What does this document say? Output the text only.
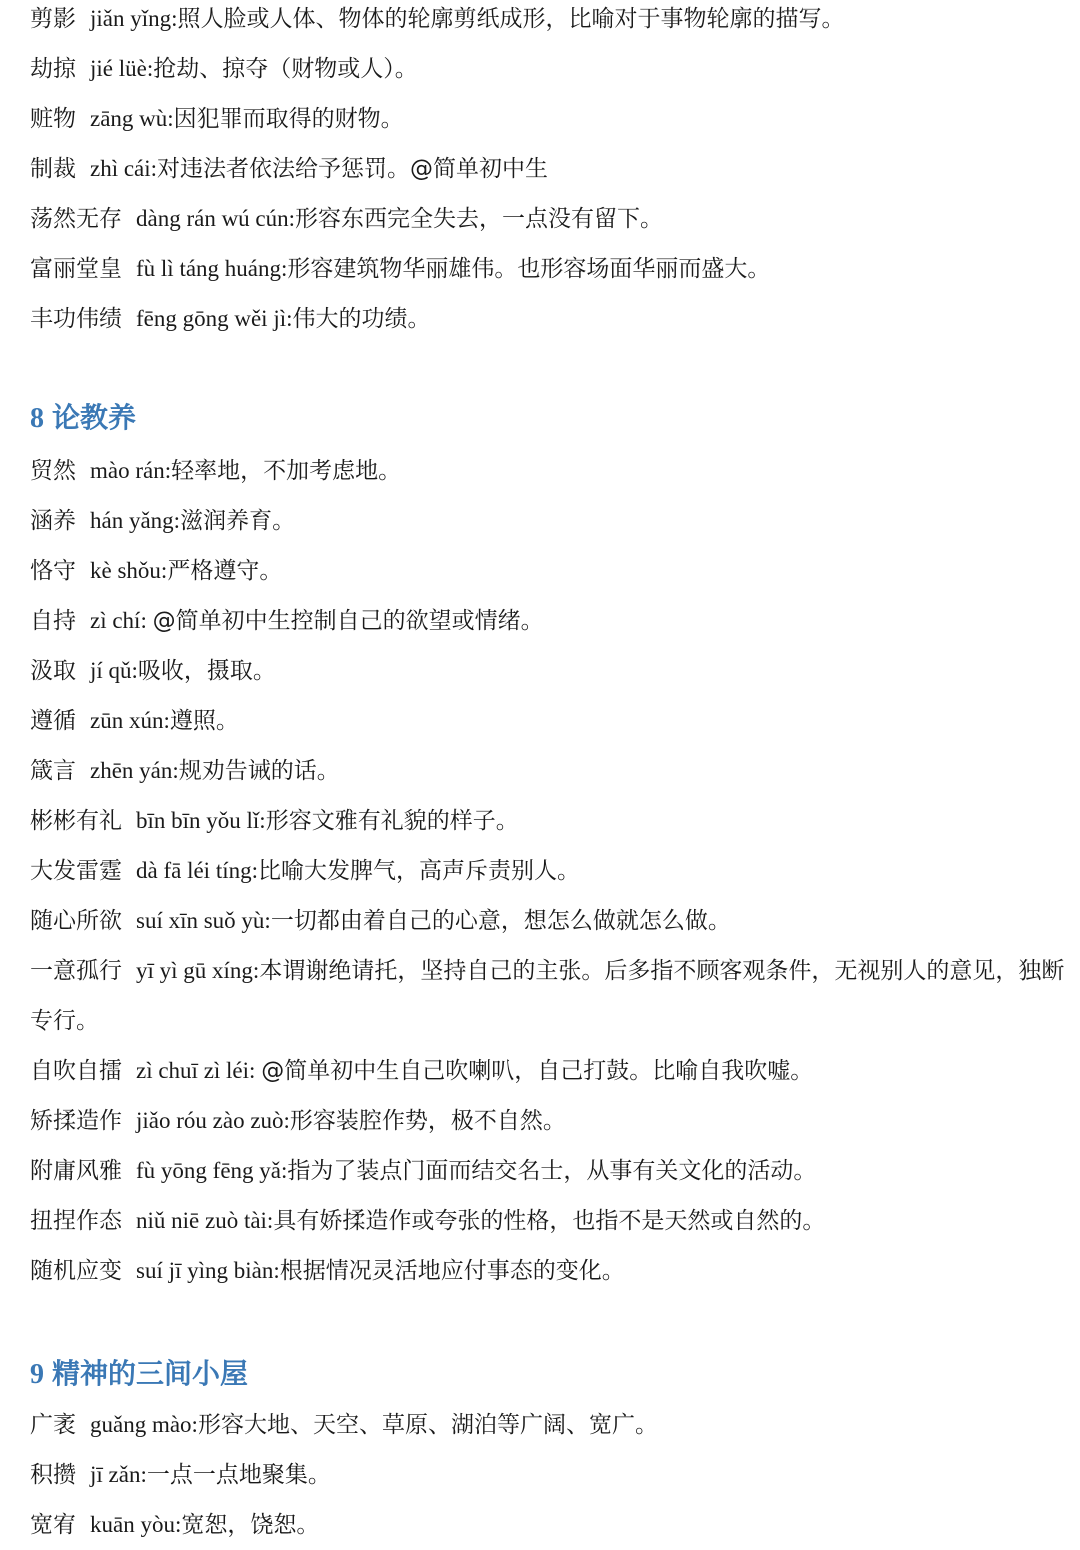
剪影 jiǎn yǐng:照人脸或人体、物体的轮廓剪纸成形，比喻对于事物轮廓的描写。
劫掠 jié lüè:抢劫、掠夺（财物或人）。
赃物 zāng wù:因犯罪而取得的财物。
制裁 zhì cái:对违法者依法给予惩罚。@简单初中生
荡然无存 dàng rán wú cún:形容东西完全失去，一点没有留下。
富丽堂皇 fù lì táng huáng:形容建筑物华丽雄伟。也形容场面华丽而盛大。
丰功伟绩 fēng gōng wěi jì:伟大的功绩。
8 论教养
贸然 mào rán:轻率地，不加考虑地。
涵养 hán yǎng:滋润养育。
恪守 kè shǒu:严格遵守。
自持 zì chí: @简单初中生控制自己的欲望或情绪。
汲取 jí qǔ:吸收，摄取。
遵循 zūn xún:遵照。
箴言 zhēn yán:规劝告诫的话。
彬彬有礼 bīn bīn yǒu lǐ:形容文雅有礼貌的样子。
大发雷霆 dà fā léi tíng:比喻大发脾气，高声斥责别人。
随心所欲 suí xīn suǒ yù:一切都由着自己的心意，想怎么做就怎么做。
一意孤行 yī yì gū xíng:本谓谢绝请托，坚持自己的主张。后多指不顾客观条件，无视别人的意见，独断专行。
自吹自擂 zì chuī zì léi: @简单初中生自己吹喇叭，自己打鼓。比喻自我吹嘘。
矫揉造作 jiǎo róu zào zuò:形容装腔作势，极不自然。
附庸风雅 fù yōng fēng yǎ:指为了装点门面而结交名士，从事有关文化的活动。
扭捏作态 niǔ niē zuò tài:具有娇揉造作或夸张的性格，也指不是天然或自然的。
随机应变 suí jī yìng biàn:根据情况灵活地应付事态的变化。
9 精神的三间小屋
广袤 guǎng mào:形容大地、天空、草原、湖泊等广阔、宽广。
积攒 jī zǎn:一点一点地聚集。
宽宥 kuān yòu:宽恕，饶恕。
